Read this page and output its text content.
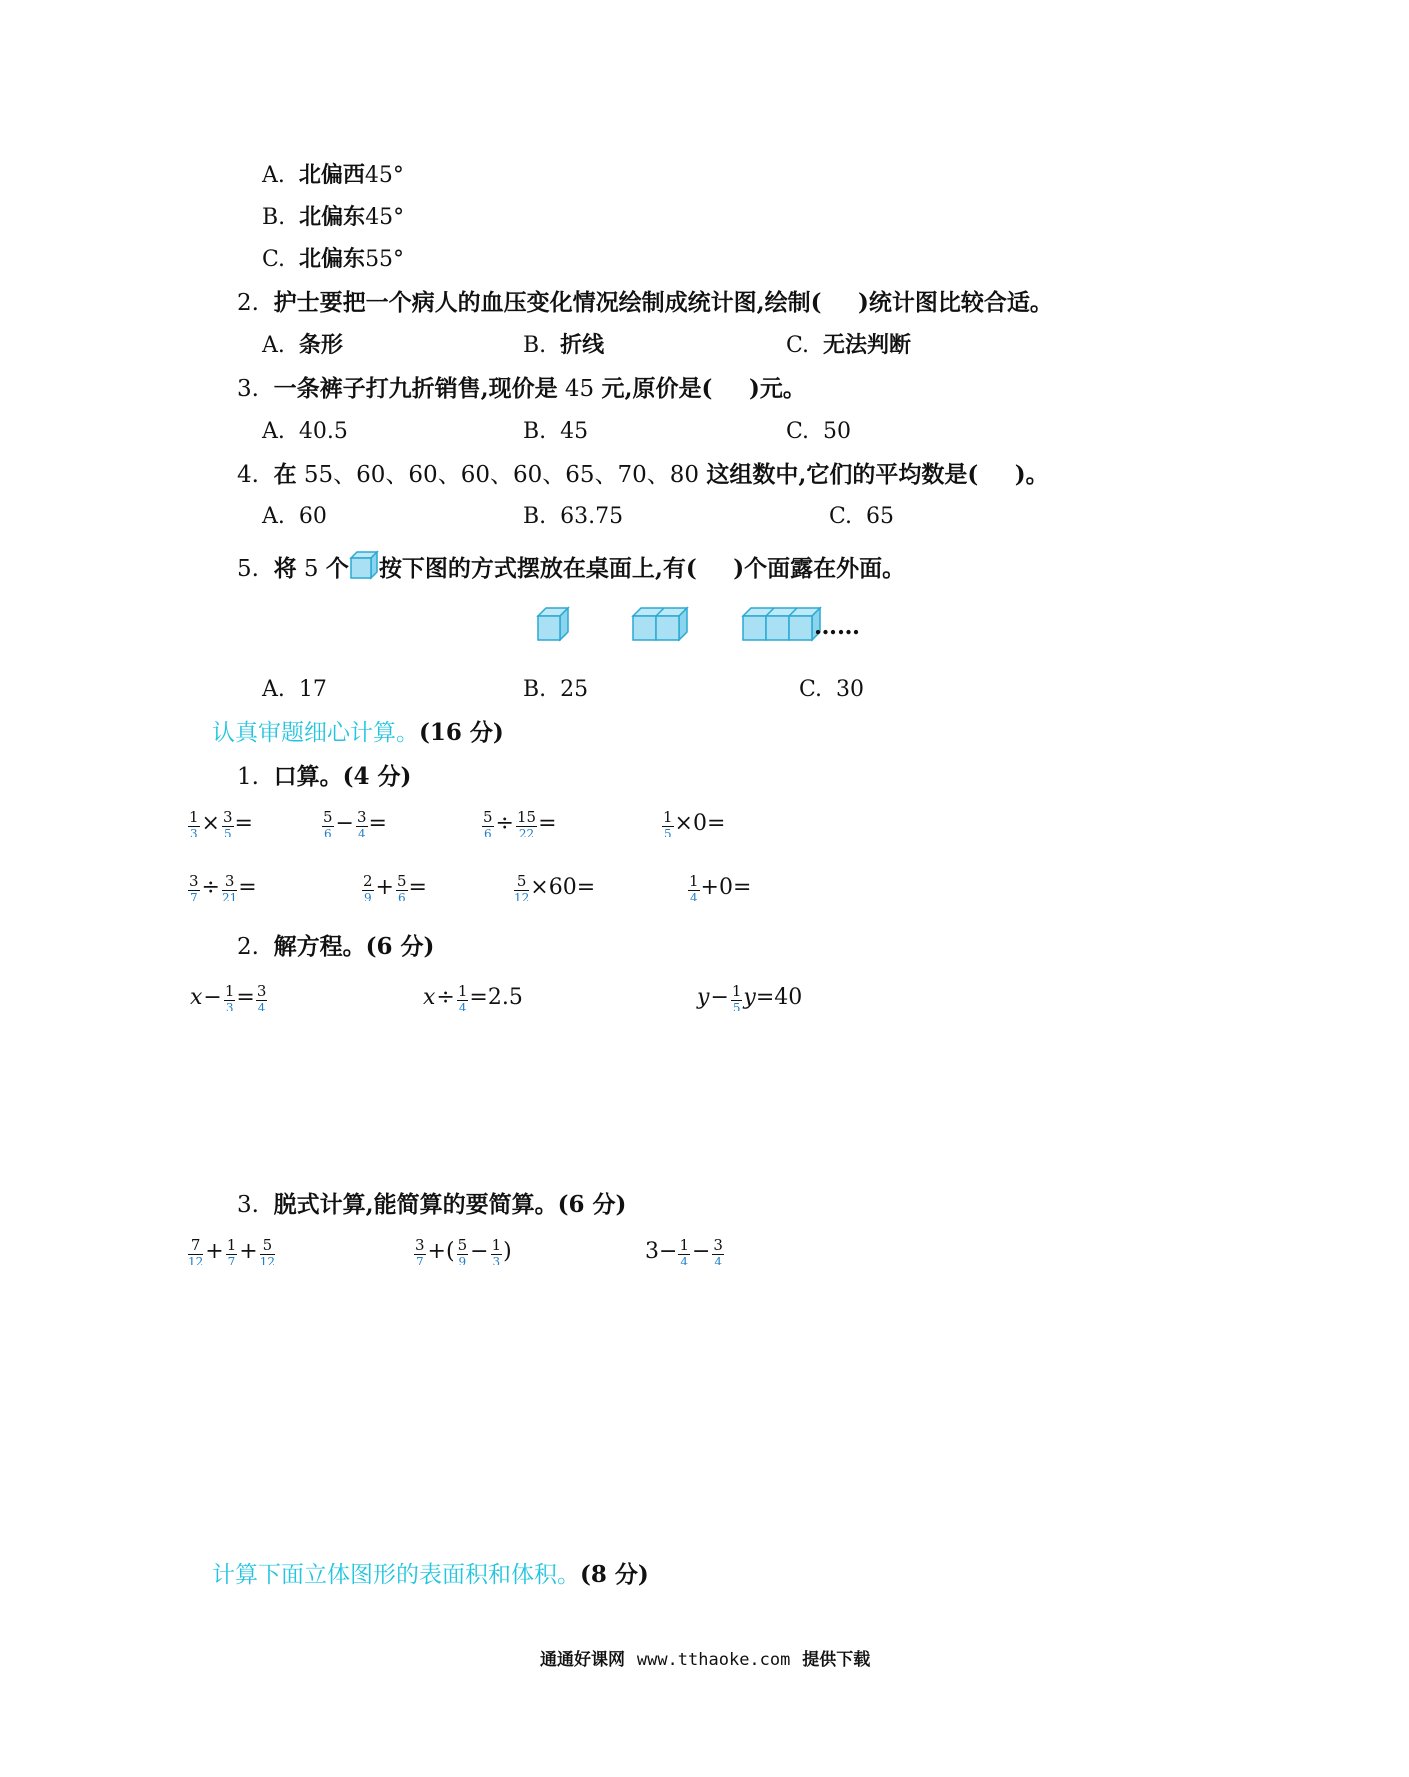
A. 北偏西45°
B. 北偏东45°
C. 北偏东55°
2. 护士要把一个病人的血压变化情况绘制成统计图,绘制( )统计图比较合适。
A. 条形	B. 折线	C. 无法判断
3. 一条裤子打九折销售,现价是 45 元,原价是( )元。
A. 40.5	B. 45	C. 50
4. 在 55、60、60、60、60、65、70、80 这组数中,它们的平均数是( )。
A. 60	B. 63.75	C. 65
5. 将 5 个 按下图的方式摆放在桌面上,有( )个面露在外面。
……
A. 17	B. 25	C. 30
认真审题细心计算。(16 分)
1. 口算。(4 分)
$\frac{1}{3} \times \frac{3}{5}$ =	$\frac{5}{6} - \frac{3}{4}$ =	$\frac{5}{6} \div \frac{15}{22}$ =	$\frac{1}{5} \times 0=$
$\frac{3}{7} \div \frac{3}{21}$ =	$\frac{2}{9} + \frac{5}{6}$ =	$\frac{5}{12} \times 60=$	$\frac{1}{4} +0=$
2. 解方程。(6 分)
$x - \frac{1}{3} = \frac{3}{4}$	$x \div \frac{1}{4} =2.5$	$y - \frac{1}{5}$ y =40
3. 脱式计算,能简算的要简算。(6 分)
$\frac{7}{12} + \frac{1}{7} + \frac{5}{12}$	$\frac{3}{7}$ +( $\frac{5}{9} - \frac{1}{3}$ )	$3- \frac{1}{4} - \frac{3}{4}$
计算下面立体图形的表面积和体积。(8 分)
通通好课网 www.tthaoke.com 提供下载
